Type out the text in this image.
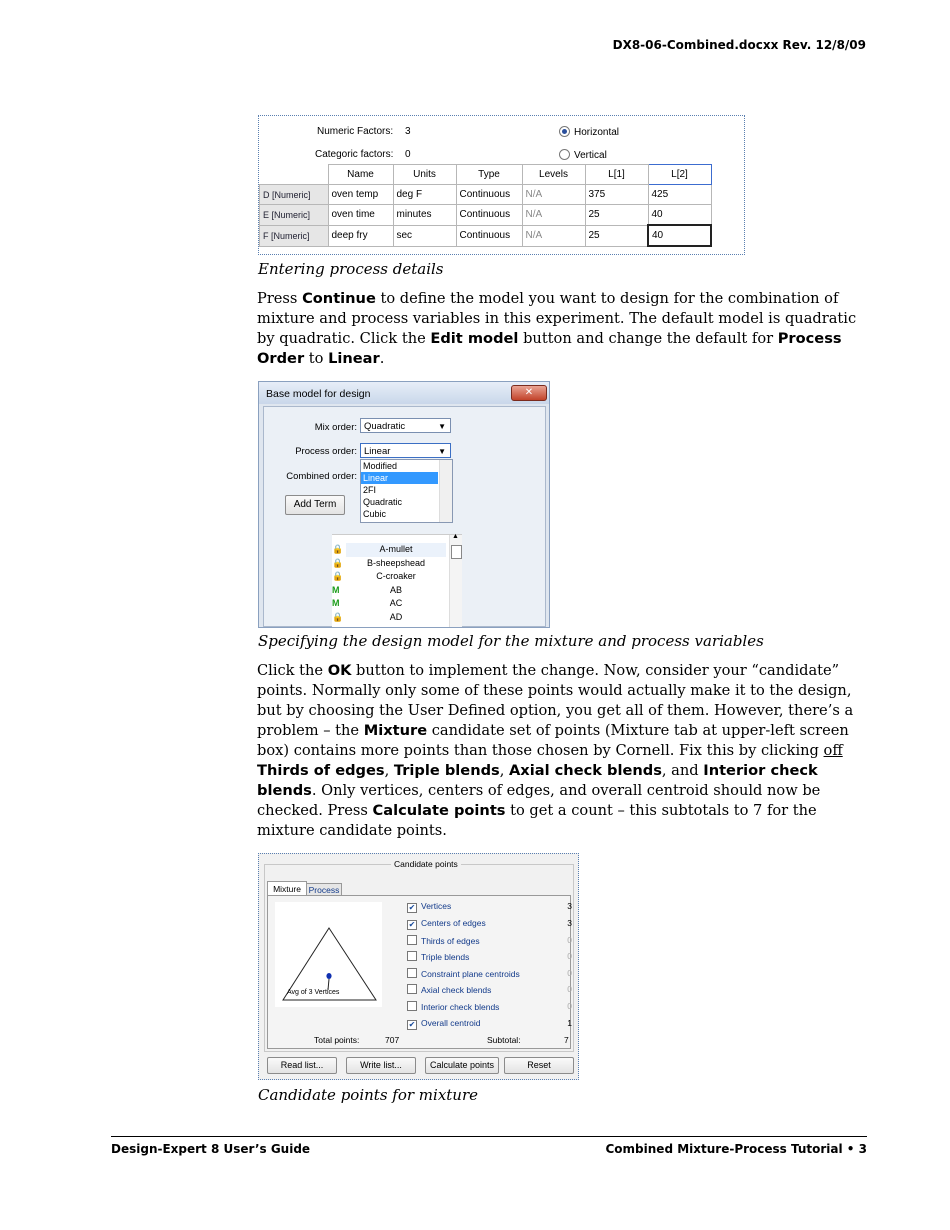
DX8-06-Combined.docxx Rev. 12/8/09
Numeric Factors: 3
Categoric factors: 0
Horizontal
Vertical
	Name	Units	Type	Levels	L[1]	L[2]
D [Numeric]	oven temp	deg F	Continuous	N/A	375	425
E [Numeric]	oven time	minutes	Continuous	N/A	25	40
F [Numeric]	deep fry	sec	Continuous	N/A	25	40
Entering process details
Press Continue to define the model you want to design for the combination of mixture and process variables in this experiment. The default model is quadratic by quadratic. Click the Edit model button and change the default for Process Order to Linear.
Base model for design	✕
Mix order: Quadratic	▼
Process order: Linear	▼
Combined order:
Add Term
Modified
Linear
2FI
Quadratic
Cubic
🔒	A-mullet
🔒	B-sheepshead
🔒	C-croaker
M	AB
M	AC
🔒	AD
▲
Specifying the design model for the mixture and process variables
Click the OK button to implement the change. Now, consider your “candidate” points. Normally only some of these points would actually make it to the design, but by choosing the User Defined option, you get all of them. However, there’s a problem – the Mixture candidate set of points (Mixture tab at upper-left screen box) contains more points than those chosen by Cornell. Fix this by clicking off Thirds of edges, Triple blends, Axial check blends, and Interior check blends. Only vertices, centers of edges, and overall centroid should now be checked. Press Calculate points to get a count – this subtotals to 7 for the mixture candidate points.
Candidate points
Mixture Process
Avg of 3 Vertices
✔ Vertices	3
✔ Centers of edges	3
Thirds of edges	0
Triple blends	0
Constraint plane centroids	0
Axial check blends	0
Interior check blends	0
✔ Overall centroid	1
Total points:	707	Subtotal:	7
Read list...	Write list...	Calculate points	Reset
Candidate points for mixture
Design-Expert 8 User’s Guide	Combined Mixture-Process Tutorial • 3
